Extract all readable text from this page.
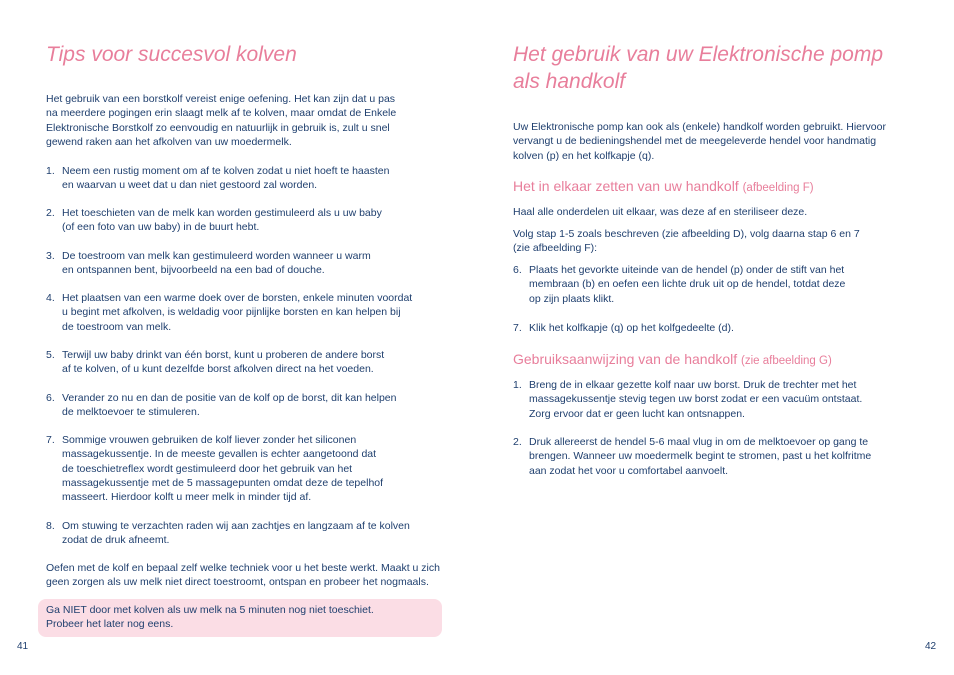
Tips voor succesvol kolven

Het gebruik van een borstkolf vereist enige oefening. Het kan zijn dat u pas

na meerdere pogingen erin slaagt melk af te kolven, maar omdat de Enkele

Elektronische Borstkolf zo eenvoudig en natuurlijk in gebruik is, zult u snel

gewend raken aan het afkolven van uw moedermelk.

1. Neem een rustig moment om af te kolven zodat u niet hoeft te haasten

en waarvan u weet dat u dan niet gestoord zal worden.

2. Het toeschieten van de melk kan worden gestimuleerd als u uw baby

(of een foto van uw baby) in de buurt hebt.

3. De toestroom van melk kan gestimuleerd worden wanneer u warm

en ontspannen bent, bijvoorbeeld na een bad of douche.

4. Het plaatsen van een warme doek over de borsten, enkele minuten voordat

u begint met afkolven, is weldadig voor pijnlijke borsten en kan helpen bij

de toestroom van melk.

5. Terwijl uw baby drinkt van één borst, kunt u proberen de andere borst

af te kolven, of u kunt dezelfde borst afkolven direct na het voeden.

6. Verander zo nu en dan de positie van de kolf op de borst, dit kan helpen

de melktoevoer te stimuleren.

7. Sommige vrouwen gebruiken de kolf liever zonder het siliconen

massagekussentje. In de meeste gevallen is echter aangetoond dat

de toeschietreflex wordt gestimuleerd door het gebruik van het

massagekussentje met de 5 massagepunten omdat deze de tepelhof

masseert. Hierdoor kolft u meer melk in minder tijd af.

8. Om stuwing te verzachten raden wij aan zachtjes en langzaam af te kolven

zodat de druk afneemt.

Oefen met de kolf en bepaal zelf welke techniek voor u het beste werkt. Maakt u zich

geen zorgen als uw melk niet direct toestroomt, ontspan en probeer het nogmaals.

Ga NIET door met kolven als uw melk na 5 minuten nog niet toeschiet.

Probeer het later nog eens.

41
Het gebruik van uw Elektronische pomp
als handkolf

Uw Elektronische pomp kan ook als (enkele) handkolf worden gebruikt. Hiervoor

vervangt u de bedieningshendel met de meegeleverde hendel voor handmatig

kolven (p) en het kolfkapje (q).

Het in elkaar zetten van uw handkolf (afbeelding F)

Haal alle onderdelen uit elkaar, was deze af en steriliseer deze.

Volg stap 1-5 zoals beschreven (zie afbeelding D), volg daarna stap 6 en 7

(zie afbeelding F):

6. Plaats het gevorkte uiteinde van de hendel (p) onder de stift van het

membraan (b) en oefen een lichte druk uit op de hendel, totdat deze

op zijn plaats klikt.

7. Klik het kolfkapje (q) op het kolfgedeelte (d).

Gebruiksaanwijzing van de handkolf (zie afbeelding G)
1. Breng de in elkaar gezette kolf naar uw borst. Druk de trechter met het

massagekussentje stevig tegen uw borst zodat er een vacuüm ontstaat.

Zorg ervoor dat er geen lucht kan ontsnappen.

2. Druk allereerst de hendel 5-6 maal vlug in om de melktoevoer op gang te

brengen. Wanneer uw moedermelk begint te stromen, past u het kolfritme

aan zodat het voor u comfortabel aanvoelt.

42
